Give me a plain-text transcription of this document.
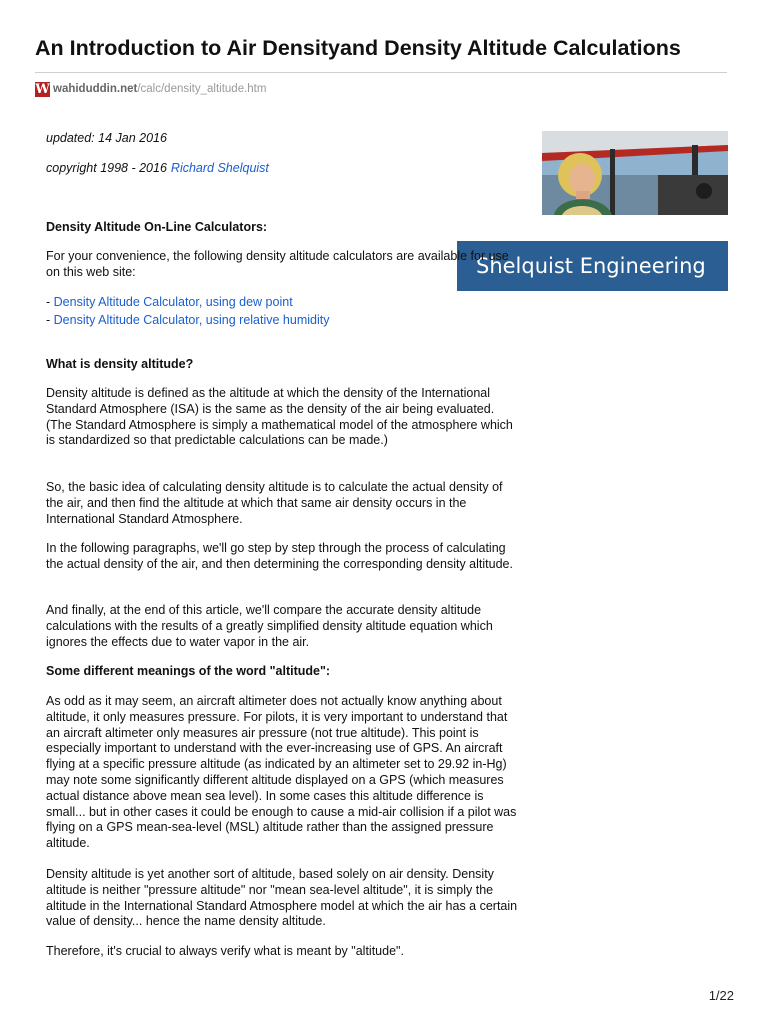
An Introduction to Air Densityand Density Altitude Calculations
W wahiduddin.net /calc/density_altitude.htm
updated: 14 Jan 2016
copyright 1998 - 2016 Richard Shelquist
Shelquist Engineering

Density Altitude On-Line Calculators:

For your convenience, the following density altitude calculators are available for use on this web site:

- Density Altitude Calculator, using dew point
- Density Altitude Calculator, using relative humidity

What is density altitude?

Density altitude is defined as the altitude at which the density of the International Standard Atmosphere (ISA) is the same as the density of the air being evaluated. (The Standard Atmosphere is simply a mathematical model of the atmosphere which is standardized so that predictable calculations can be made.)

So, the basic idea of calculating density altitude is to calculate the actual density of the air, and then find the altitude at which that same air density occurs in the International Standard Atmosphere.

In the following paragraphs, we'll go step by step through the process of calculating the actual density of the air, and then determining the corresponding density altitude.

And finally, at the end of this article, we'll compare the accurate density altitude calculations with the results of a greatly simplified density altitude equation which ignores the effects due to water vapor in the air.

Some different meanings of the word "altitude":

As odd as it may seem, an aircraft altimeter does not actually know anything about altitude, it only measures pressure. For pilots, it is very important to understand that an aircraft altimeter only measures air pressure (not true altitude). This point is especially important to understand with the ever-increasing use of GPS. An aircraft flying at a specific pressure altitude (as indicated by an altimeter set to 29.92 in-Hg) may note some significantly different altitude displayed on a GPS (which measures actual distance above mean sea level). In some cases this altitude difference is small... but in other cases it could be enough to cause a mid-air collision if a pilot was flying on a GPS mean-sea-level (MSL) altitude rather than the assigned pressure altitude.

Density altitude is yet another sort of altitude, based solely on air density. Density altitude is neither "pressure altitude" nor "mean sea-level altitude", it is simply the altitude in the International Standard Atmosphere model at which the air has a certain value of density... hence the name density altitude.

Therefore, it's crucial to always verify what is meant by "altitude".

1/22
